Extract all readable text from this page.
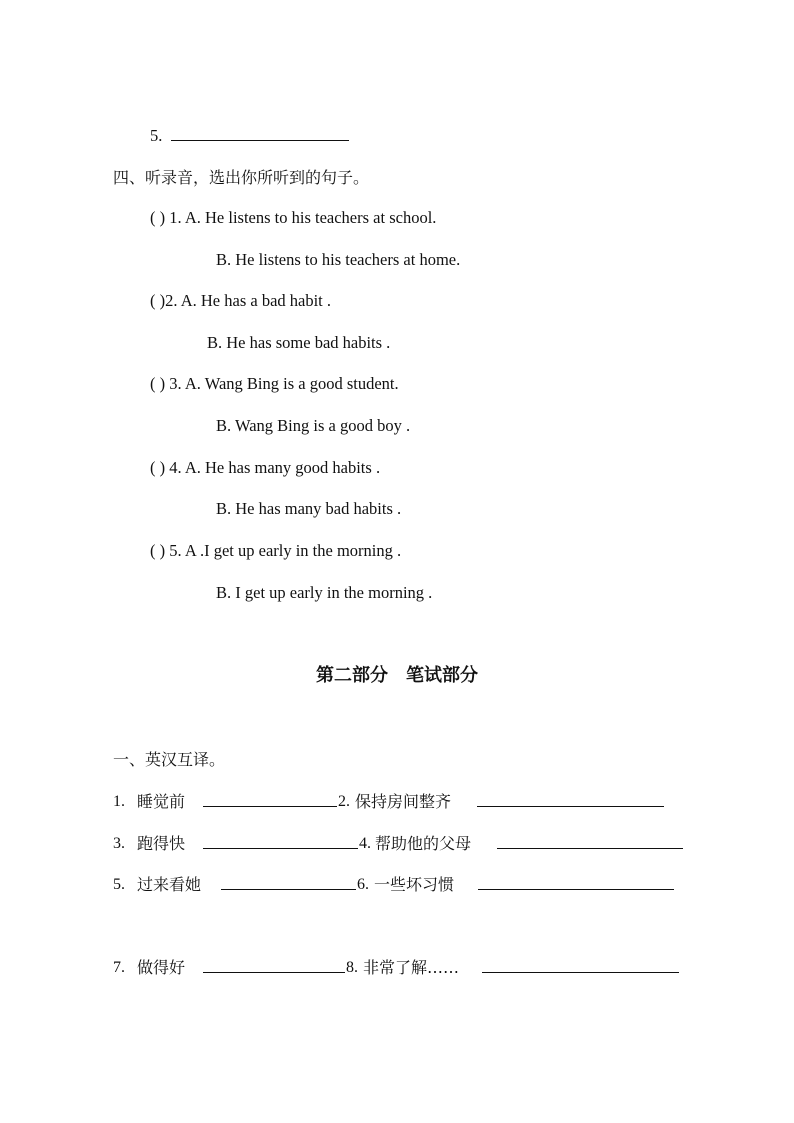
5.
四、听录音，选出你所听到的句子。
( ) 1. A. He listens to his teachers at school.
B. He listens to his teachers at home.
( )2. A. He has a bad habit .
B. He has some bad habits .
( ) 3. A. Wang Bing is a good student.
B. Wang Bing is a good boy .
( ) 4. A. He has many good habits .
B. He has many bad habits .
( ) 5. A .I get up early in the morning .
B. I get up early in the morning .
第二部分　笔试部分
一、英汉互译。
1. 睡觉前	2. 保持房间整齐
3. 跑得快	4. 帮助他的父母
5. 过来看她	6. 一些坏习惯
7. 做得好	8. 非常了解……
